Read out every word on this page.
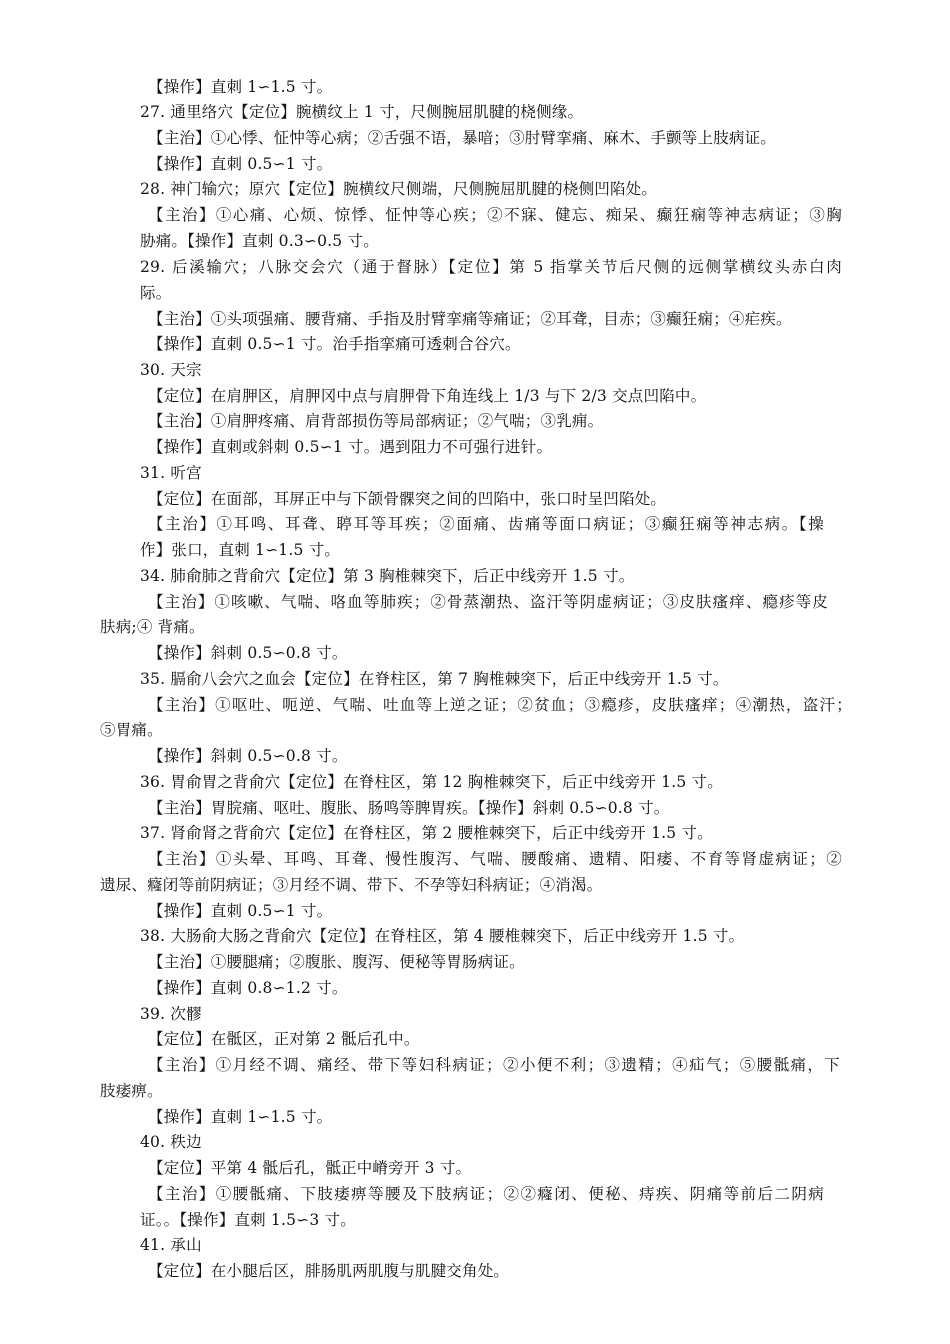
【操作】直刺 1∽1.5 寸。
27. 通里络穴【定位】腕横纹上 1 寸，尺侧腕屈肌腱的桡侧缘。
【主治】①心悸、怔忡等心病；②舌强不语，暴喑；③肘臂挛痛、麻木、手颤等上肢病证。
【操作】直刺 0.5∽1 寸。
28. 神门输穴；原穴【定位】腕横纹尺侧端，尺侧腕屈肌腱的桡侧凹陷处。
【主治】①心痛、心烦、惊悸、怔忡等心疾；②不寐、健忘、痴呆、癫狂痫等神志病证；③胸
胁痛。【操作】直刺 0.3∽0.5 寸。
29. 后溪输穴；八脉交会穴（通于督脉）【定位】第 5 指掌关节后尺侧的远侧掌横纹头赤白肉
际。
【主治】①头项强痛、腰背痛、手指及肘臂挛痛等痛证；②耳聋，目赤；③癫狂痫；④疟疾。
【操作】直刺 0.5∽1 寸。治手指挛痛可透刺合谷穴。
30. 天宗
【定位】在肩胛区，肩胛冈中点与肩胛骨下角连线上 1/3 与下 2/3 交点凹陷中。
【主治】①肩胛疼痛、肩背部损伤等局部病证；②气喘；③乳痈。
【操作】直刺或斜刺 0.5∽1 寸。遇到阻力不可强行进针。
31. 听宫
【定位】在面部，耳屏正中与下颌骨髁突之间的凹陷中，张口时呈凹陷处。
【主治】①耳鸣、耳聋、聤耳等耳疾；②面痛、齿痛等面口病证；③癫狂痫等神志病。【操
作】张口，直刺 1∽1.5 寸。
34. 肺俞肺之背俞穴【定位】第 3 胸椎棘突下，后正中线旁开 1.5 寸。
【主治】①咳嗽、气喘、咯血等肺疾；②骨蒸潮热、盗汗等阴虚病证；③皮肤瘙痒、瘾疹等皮
肤病;④ 背痛。
【操作】斜刺 0.5∽0.8 寸。
35. 膈俞八会穴之血会【定位】在脊柱区，第 7 胸椎棘突下，后正中线旁开 1.5 寸。
【主治】①呕吐、呃逆、气喘、吐血等上逆之证；②贫血；③瘾疹，皮肤瘙痒；④潮热，盗汗；
⑤胃痛。
【操作】斜刺 0.5∽0.8 寸。
36. 胃俞胃之背俞穴【定位】在脊柱区，第 12 胸椎棘突下，后正中线旁开 1.5 寸。
【主治】胃脘痛、呕吐、腹胀、肠鸣等脾胃疾。【操作】斜刺 0.5∽0.8 寸。
37. 肾俞肾之背俞穴【定位】在脊柱区，第 2 腰椎棘突下，后正中线旁开 1.5 寸。
【主治】①头晕、耳鸣、耳聋、慢性腹泻、气喘、腰酸痛、遗精、阳痿、不育等肾虚病证；②
遗尿、癃闭等前阴病证；③月经不调、带下、不孕等妇科病证；④消渴。
【操作】直刺 0.5∽1 寸。
38. 大肠俞大肠之背俞穴【定位】在脊柱区，第 4 腰椎棘突下，后正中线旁开 1.5 寸。
【主治】①腰腿痛；②腹胀、腹泻、便秘等胃肠病证。
【操作】直刺 0.8∽1.2 寸。
39. 次髎
【定位】在骶区，正对第 2 骶后孔中。
【主治】①月经不调、痛经、带下等妇科病证；②小便不利；③遗精；④疝气；⑤腰骶痛，下
肢痿痹。
【操作】直刺 1∽1.5 寸。
40. 秩边
【定位】平第 4 骶后孔，骶正中嵴旁开 3 寸。
【主治】①腰骶痛、下肢痿痹等腰及下肢病证；②②癃闭、便秘、痔疾、阴痛等前后二阴病
证。。【操作】直刺 1.5∽3 寸。
41. 承山
【定位】在小腿后区，腓肠肌两肌腹与肌腱交角处。
